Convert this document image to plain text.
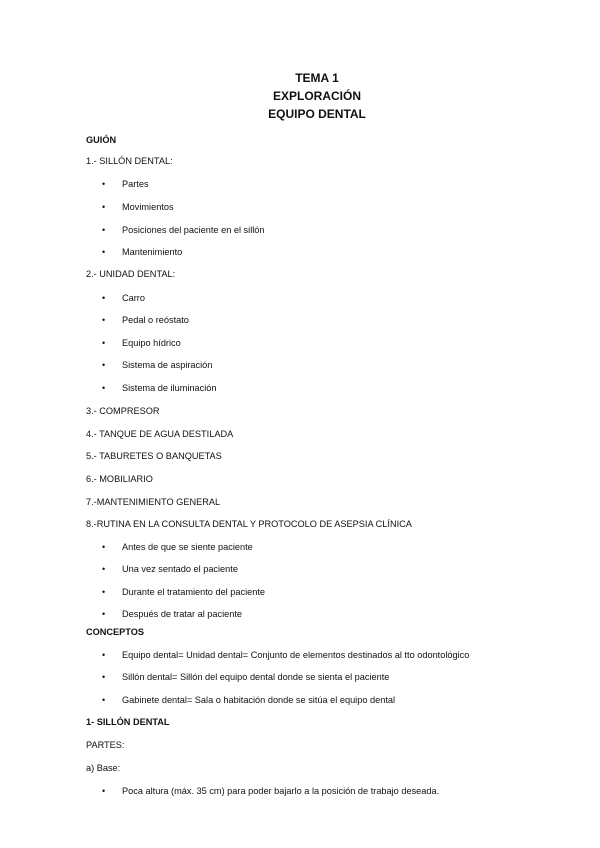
TEMA 1
EXPLORACIÓN
EQUIPO DENTAL
GUIÓN
1.- SILLÓN DENTAL:
• Partes
• Movimientos
• Posiciones del paciente en el sillón
• Mantenimiento
2.- UNIDAD DENTAL:
• Carro
• Pedal o reóstato
• Equipo hídrico
• Sistema de aspiración
• Sistema de iluminación
3.- COMPRESOR
4.- TANQUE DE AGUA DESTILADA
5.- TABURETES O BANQUETAS
6.- MOBILIARIO
7.-MANTENIMIENTO GENERAL
8.-RUTINA EN LA CONSULTA DENTAL Y PROTOCOLO DE ASEPSIA CLÍNICA
• Antes de que se siente paciente
• Una vez sentado el paciente
• Durante el tratamiento del paciente
• Después de tratar al paciente
CONCEPTOS
• Equipo dental= Unidad dental= Conjunto de elementos destinados al tto odontológico
• Sillón dental= Sillón del equipo dental donde se sienta el paciente
• Gabinete dental= Sala o habitación donde se sitúa el equipo dental
1- SILLÓN DENTAL
PARTES:
a) Base:
• Poca altura (máx. 35 cm) para poder bajarlo a la posición de trabajo deseada.
